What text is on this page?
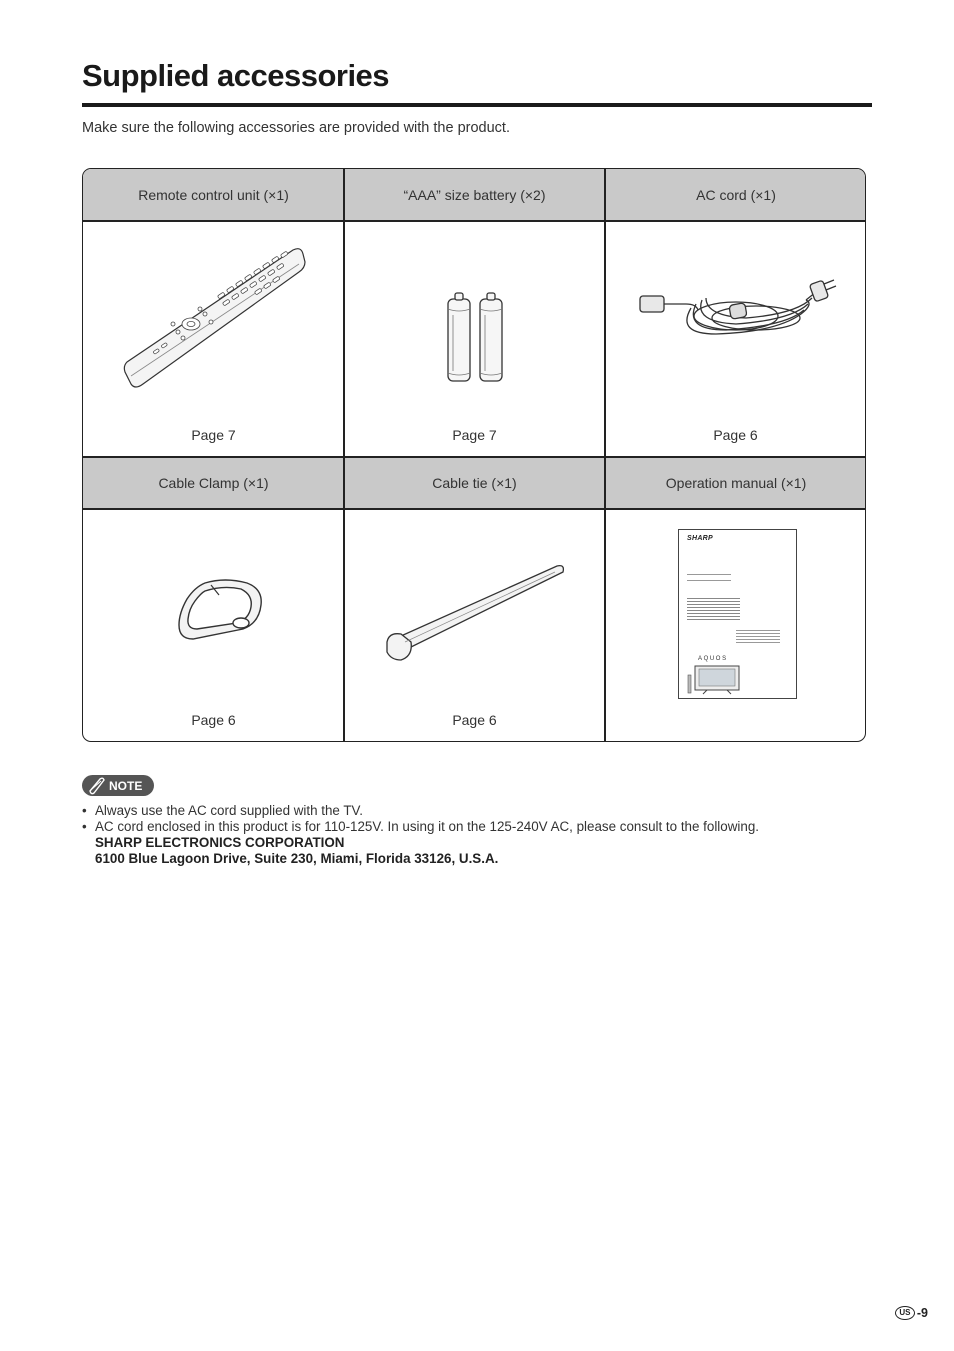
Supplied accessories
Make sure the following accessories are provided with the product.
Remote control unit (×1)	“AAA” size battery (×2)	AC cord (×1)
Cable Clamp (×1)	Cable tie (×1)	Operation manual (×1)
Page 7	Page 7	Page 6
Page 6	Page 6
SHARP
AQUOS
NOTE
• Always use the AC cord supplied with the TV.
• AC cord enclosed in this product is for 110-125V. In using it on the 125-240V AC, please consult to the following.
SHARP ELECTRONICS CORPORATION
6100 Blue Lagoon Drive, Suite 230, Miami, Florida 33126, U.S.A.
US -9
